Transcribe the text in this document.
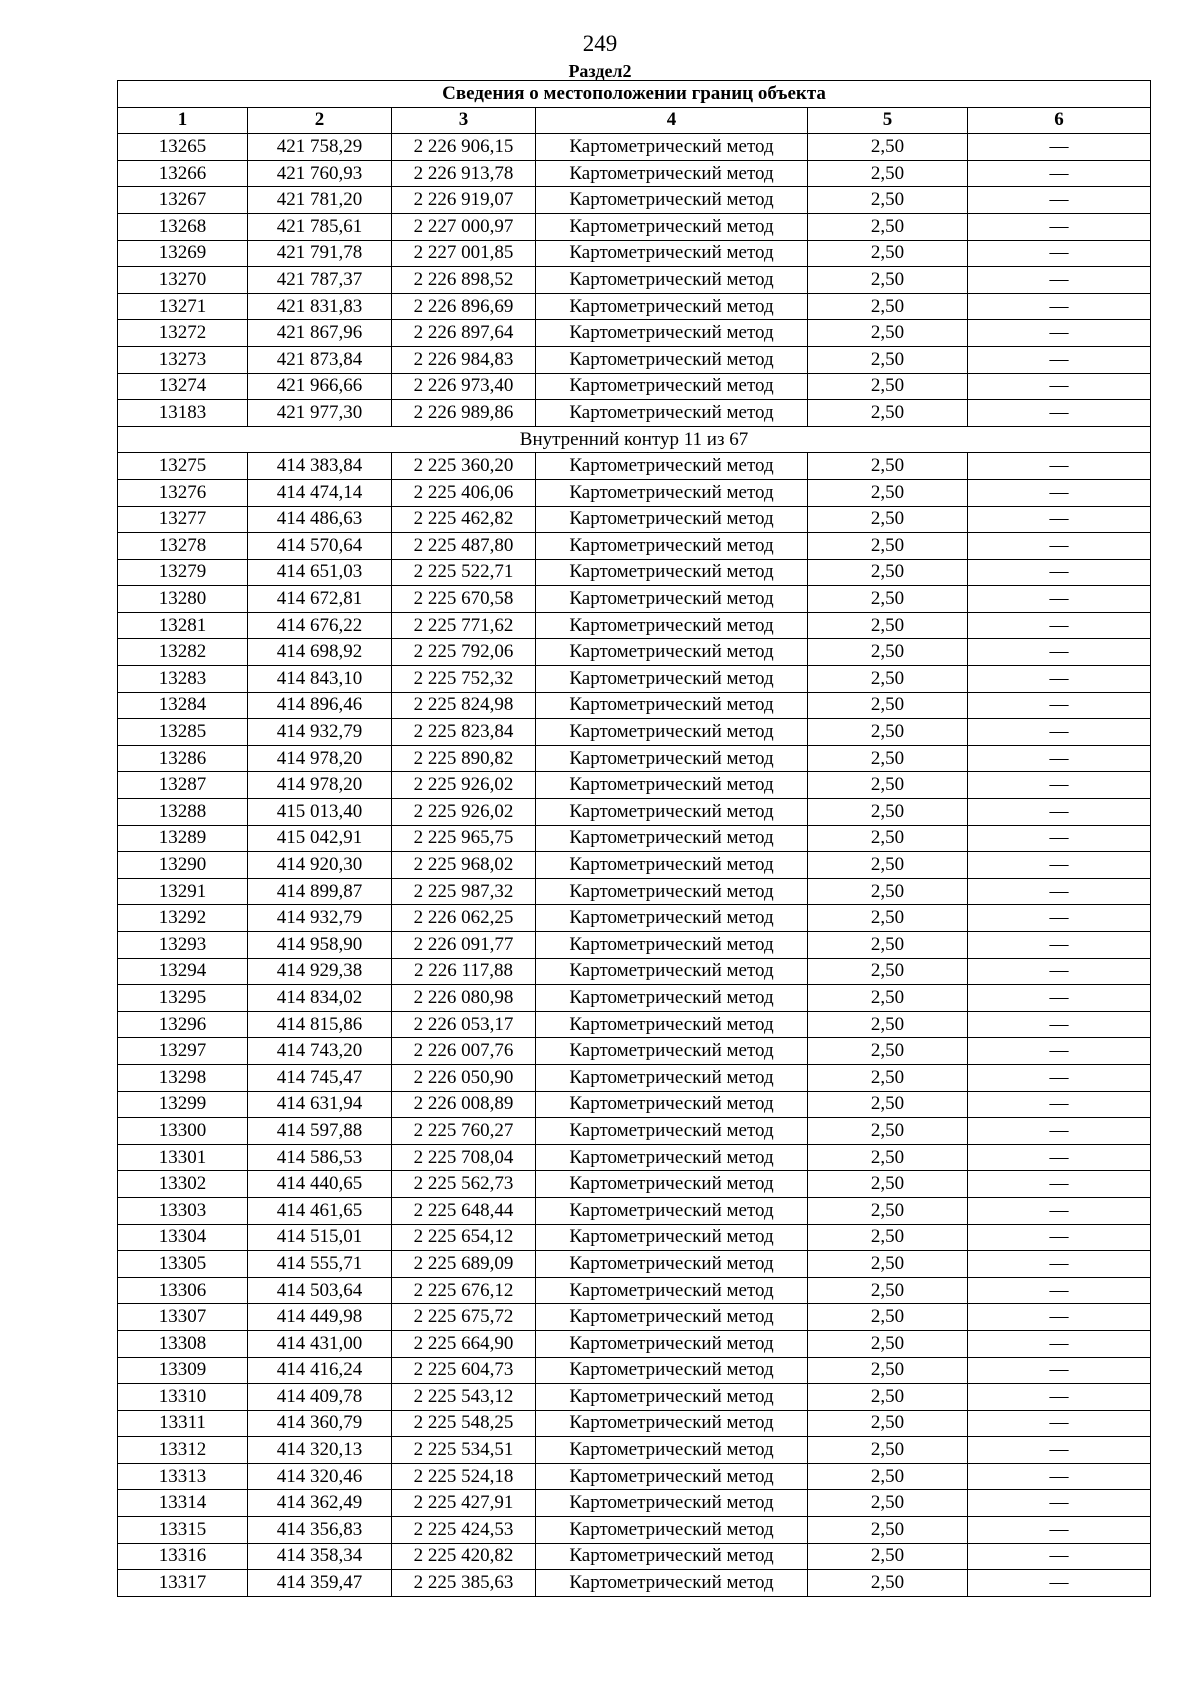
249
Раздел2
Сведения о местоположении границ объекта					
1	2	3	4	5	6
13265	421 758,29	2 226 906,15	Картометрический метод	2,50	—
13266	421 760,93	2 226 913,78	Картометрический метод	2,50	—
13267	421 781,20	2 226 919,07	Картометрический метод	2,50	—
13268	421 785,61	2 227 000,97	Картометрический метод	2,50	—
13269	421 791,78	2 227 001,85	Картометрический метод	2,50	—
13270	421 787,37	2 226 898,52	Картометрический метод	2,50	—
13271	421 831,83	2 226 896,69	Картометрический метод	2,50	—
13272	421 867,96	2 226 897,64	Картометрический метод	2,50	—
13273	421 873,84	2 226 984,83	Картометрический метод	2,50	—
13274	421 966,66	2 226 973,40	Картометрический метод	2,50	—
13183	421 977,30	2 226 989,86	Картометрический метод	2,50	—
Внутренний контур 11 из 67					
13275	414 383,84	2 225 360,20	Картометрический метод	2,50	—
13276	414 474,14	2 225 406,06	Картометрический метод	2,50	—
13277	414 486,63	2 225 462,82	Картометрический метод	2,50	—
13278	414 570,64	2 225 487,80	Картометрический метод	2,50	—
13279	414 651,03	2 225 522,71	Картометрический метод	2,50	—
13280	414 672,81	2 225 670,58	Картометрический метод	2,50	—
13281	414 676,22	2 225 771,62	Картометрический метод	2,50	—
13282	414 698,92	2 225 792,06	Картометрический метод	2,50	—
13283	414 843,10	2 225 752,32	Картометрический метод	2,50	—
13284	414 896,46	2 225 824,98	Картометрический метод	2,50	—
13285	414 932,79	2 225 823,84	Картометрический метод	2,50	—
13286	414 978,20	2 225 890,82	Картометрический метод	2,50	—
13287	414 978,20	2 225 926,02	Картометрический метод	2,50	—
13288	415 013,40	2 225 926,02	Картометрический метод	2,50	—
13289	415 042,91	2 225 965,75	Картометрический метод	2,50	—
13290	414 920,30	2 225 968,02	Картометрический метод	2,50	—
13291	414 899,87	2 225 987,32	Картометрический метод	2,50	—
13292	414 932,79	2 226 062,25	Картометрический метод	2,50	—
13293	414 958,90	2 226 091,77	Картометрический метод	2,50	—
13294	414 929,38	2 226 117,88	Картометрический метод	2,50	—
13295	414 834,02	2 226 080,98	Картометрический метод	2,50	—
13296	414 815,86	2 226 053,17	Картометрический метод	2,50	—
13297	414 743,20	2 226 007,76	Картометрический метод	2,50	—
13298	414 745,47	2 226 050,90	Картометрический метод	2,50	—
13299	414 631,94	2 226 008,89	Картометрический метод	2,50	—
13300	414 597,88	2 225 760,27	Картометрический метод	2,50	—
13301	414 586,53	2 225 708,04	Картометрический метод	2,50	—
13302	414 440,65	2 225 562,73	Картометрический метод	2,50	—
13303	414 461,65	2 225 648,44	Картометрический метод	2,50	—
13304	414 515,01	2 225 654,12	Картометрический метод	2,50	—
13305	414 555,71	2 225 689,09	Картометрический метод	2,50	—
13306	414 503,64	2 225 676,12	Картометрический метод	2,50	—
13307	414 449,98	2 225 675,72	Картометрический метод	2,50	—
13308	414 431,00	2 225 664,90	Картометрический метод	2,50	—
13309	414 416,24	2 225 604,73	Картометрический метод	2,50	—
13310	414 409,78	2 225 543,12	Картометрический метод	2,50	—
13311	414 360,79	2 225 548,25	Картометрический метод	2,50	—
13312	414 320,13	2 225 534,51	Картометрический метод	2,50	—
13313	414 320,46	2 225 524,18	Картометрический метод	2,50	—
13314	414 362,49	2 225 427,91	Картометрический метод	2,50	—
13315	414 356,83	2 225 424,53	Картометрический метод	2,50	—
13316	414 358,34	2 225 420,82	Картометрический метод	2,50	—
13317	414 359,47	2 225 385,63	Картометрический метод	2,50	—
